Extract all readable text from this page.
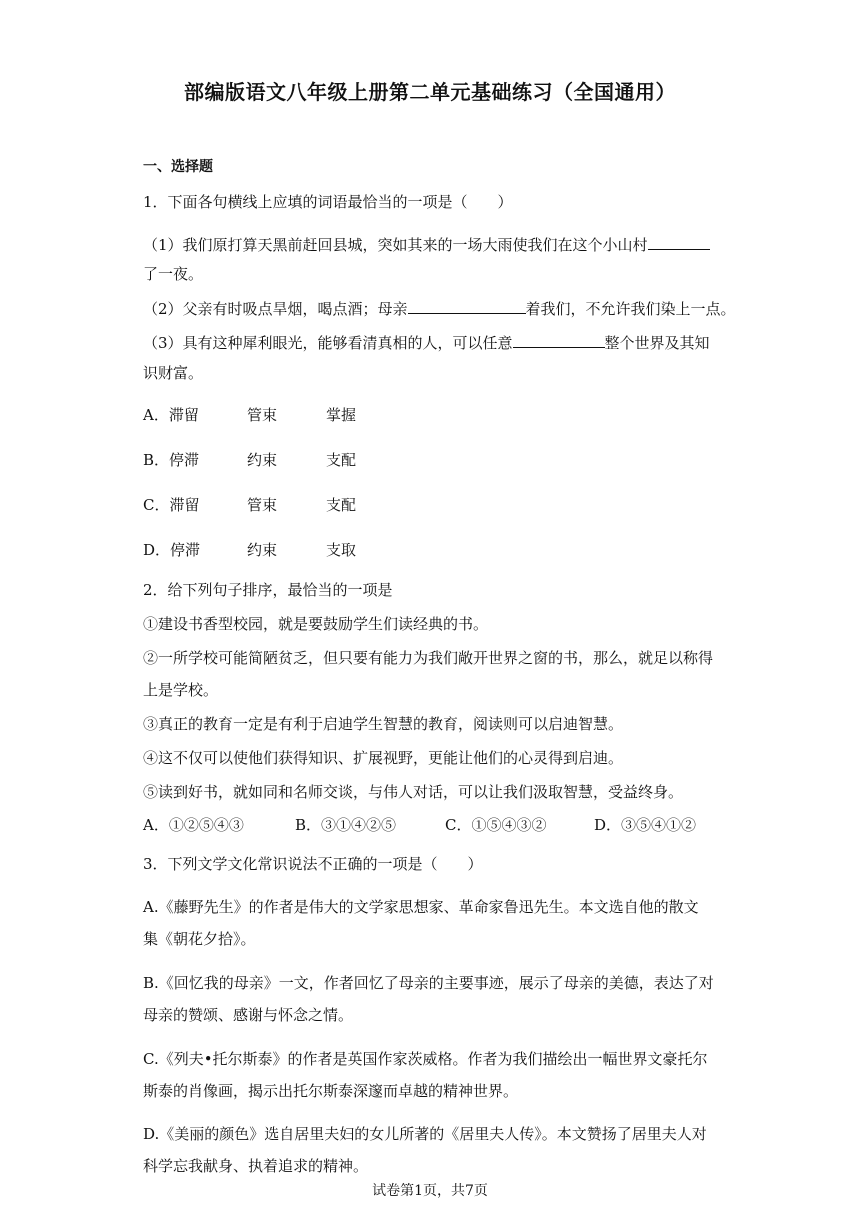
部编版语文八年级上册第二单元基础练习（全国通用）
一、选择题
1．下面各句横线上应填的词语最恰当的一项是（　　）
（1）我们原打算天黑前赶回县城，突如其来的一场大雨使我们在这个小山村
了一夜。
（2）父亲有时吸点旱烟，喝点酒；母亲	着我们，不允许我们染上一点。
（3）具有这种犀利眼光，能够看清真相的人，可以任意	整个世界及其知
识财富。
A．滞留	管束	掌握
B．停滞	约束	支配
C．滞留	管束	支配
D．停滞	约束	支取
2．给下列句子排序，最恰当的一项是
①建设书香型校园，就是要鼓励学生们读经典的书。
②一所学校可能简陋贫乏，但只要有能力为我们敞开世界之窗的书，那么，就足以称得
上是学校。
③真正的教育一定是有利于启迪学生智慧的教育，阅读则可以启迪智慧。
④这不仅可以使他们获得知识、扩展视野，更能让他们的心灵得到启迪。
⑤读到好书，就如同和名师交谈，与伟人对话，可以让我们汲取智慧，受益终身。
A．①②⑤④③	B．③①④②⑤	C．①⑤④③②	D．③⑤④①②
3．下列文学文化常识说法不正确的一项是（　　）
A.《藤野先生》的作者是伟大的文学家思想家、革命家鲁迅先生。本文选自他的散文
集《朝花夕拾》。
B.《回忆我的母亲》一文，作者回忆了母亲的主要事迹，展示了母亲的美德，表达了对
母亲的赞颂、感谢与怀念之情。
C.《列夫•托尔斯泰》的作者是英国作家茨威格。作者为我们描绘出一幅世界文豪托尔
斯泰的肖像画，揭示出托尔斯泰深邃而卓越的精神世界。
D.《美丽的颜色》选自居里夫妇的女儿所著的《居里夫人传》。本文赞扬了居里夫人对
科学忘我献身、执着追求的精神。
试卷第1页，共7页
